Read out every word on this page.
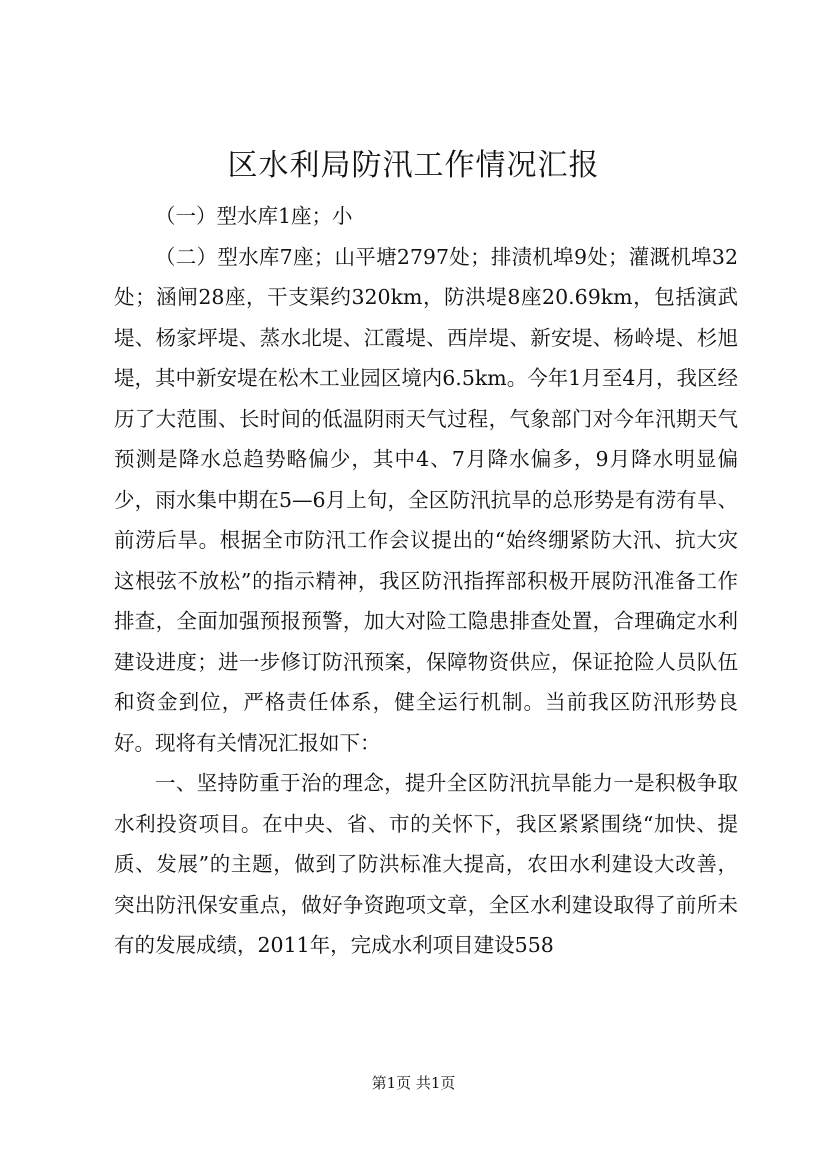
区水利局防汛工作情况汇报

（一）型水库1座；小

（二）型水库7座；山平塘2797处；排渍机埠9处；灌溉机埠32处；涵闸28座，干支渠约320km，防洪堤8座20.69km，包括演武堤、杨家坪堤、蒸水北堤、江霞堤、西岸堤、新安堤、杨岭堤、杉旭堤，其中新安堤在松木工业园区境内6.5km。今年1月至4月，我区经历了大范围、长时间的低温阴雨天气过程，气象部门对今年汛期天气预测是降水总趋势略偏少，其中4、7月降水偏多，9月降水明显偏少，雨水集中期在5—6月上旬，全区防汛抗旱的总形势是有涝有旱、前涝后旱。根据全市防汛工作会议提出的“始终绷紧防大汛、抗大灾这根弦不放松”的指示精神，我区防汛指挥部积极开展防汛准备工作排查，全面加强预报预警，加大对险工隐患排查处置，合理确定水利建设进度；进一步修订防汛预案，保障物资供应，保证抢险人员队伍和资金到位，严格责任体系，健全运行机制。当前我区防汛形势良好。现将有关情况汇报如下：

一、坚持防重于治的理念，提升全区防汛抗旱能力一是积极争取水利投资项目。在中央、省、市的关怀下，我区紧紧围绕“加快、提质、发展”的主题，做到了防洪标准大提高，农田水利建设大改善，突出防汛保安重点，做好争资跑项文章，全区水利建设取得了前所未有的发展成绩，2011年，完成水利项目建设558

第1页 共1页
